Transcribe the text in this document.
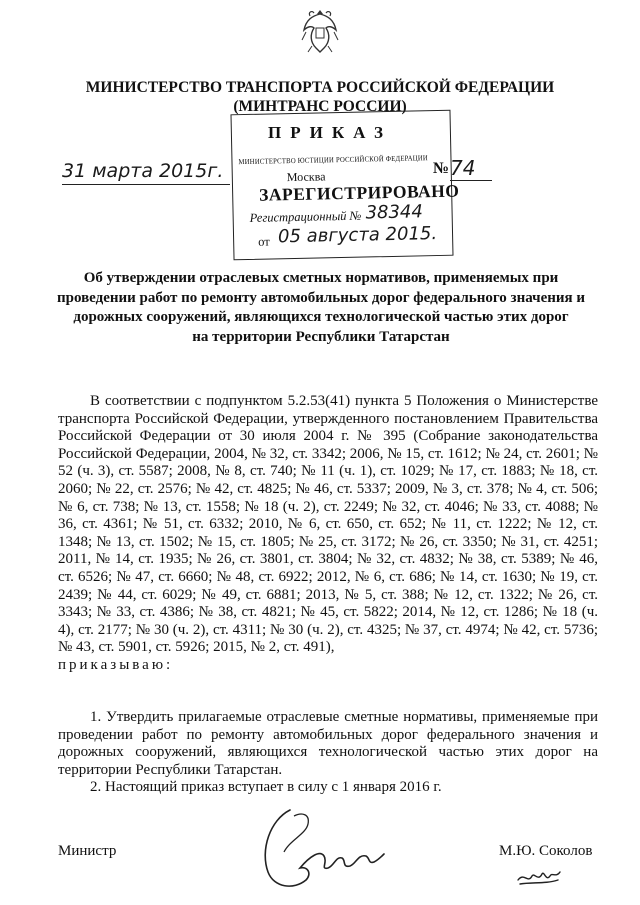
МИНИСТЕРСТВО ТРАНСПОРТА РОССИЙСКОЙ ФЕДЕРАЦИИ
(МИНТРАНС РОССИИ)
ПРИКАЗ
МИНИСТЕРСТВО ЮСТИЦИИ РОССИЙСКОЙ ФЕДЕРАЦИИ
Москва
ЗАРЕГИСТРИРОВАНО
Регистрационный № 38344
от 05 августа 2015.
31 марта 2015г.	№ 74
Об утверждении отраслевых сметных нормативов, применяемых при
проведении работ по ремонту автомобильных дорог федерального значения и
дорожных сооружений, являющихся технологической частью этих дорог
на территории Республики Татарстан

В соответствии с подпунктом 5.2.53(41) пункта 5 Положения о Министерстве транспорта Российской Федерации, утвержденного постановлением Правительства Российской Федерации от 30 июля 2004 г. № 395 (Собрание законодательства Российской Федерации, 2004, № 32, ст. 3342; 2006, № 15, ст. 1612; № 24, ст. 2601; № 52 (ч. 3), ст. 5587; 2008, № 8, ст. 740; № 11 (ч. 1), ст. 1029; № 17, ст. 1883; № 18, ст. 2060; № 22, ст. 2576; № 42, ст. 4825; № 46, ст. 5337; 2009, № 3, ст. 378; № 4, ст. 506; № 6, ст. 738; № 13, ст. 1558; № 18 (ч. 2), ст. 2249; № 32, ст. 4046; № 33, ст. 4088; № 36, ст. 4361; № 51, ст. 6332; 2010, № 6, ст. 650, ст. 652; № 11, ст. 1222; № 12, ст. 1348; № 13, ст. 1502; № 15, ст. 1805; № 25, ст. 3172; № 26, ст. 3350; № 31, ст. 4251; 2011, № 14, ст. 1935; № 26, ст. 3801, ст. 3804; № 32, ст. 4832; № 38, ст. 5389; № 46, ст. 6526; № 47, ст. 6660; № 48, ст. 6922; 2012, № 6, ст. 686; № 14, ст. 1630; № 19, ст. 2439; № 44, ст. 6029; № 49, ст. 6881; 2013, № 5, ст. 388; № 12, ст. 1322; № 26, ст. 3343; № 33, ст. 4386; № 38, ст. 4821; № 45, ст. 5822; 2014, № 12, ст. 1286; № 18 (ч. 4), ст. 2177; № 30 (ч. 2), ст. 4311; № 30 (ч. 2), ст. 4325; № 37, ст. 4974; № 42, ст. 5736; № 43, ст. 5901, ст. 5926; 2015, № 2, ст. 491),

приказываю:

1. Утвердить прилагаемые отраслевые сметные нормативы, применяемые при проведении работ по ремонту автомобильных дорог федерального значения и дорожных сооружений, являющихся технологической частью этих дорог на территории Республики Татарстан.

2. Настоящий приказ вступает в силу с 1 января 2016 г.

Министр	М.Ю. Соколов
